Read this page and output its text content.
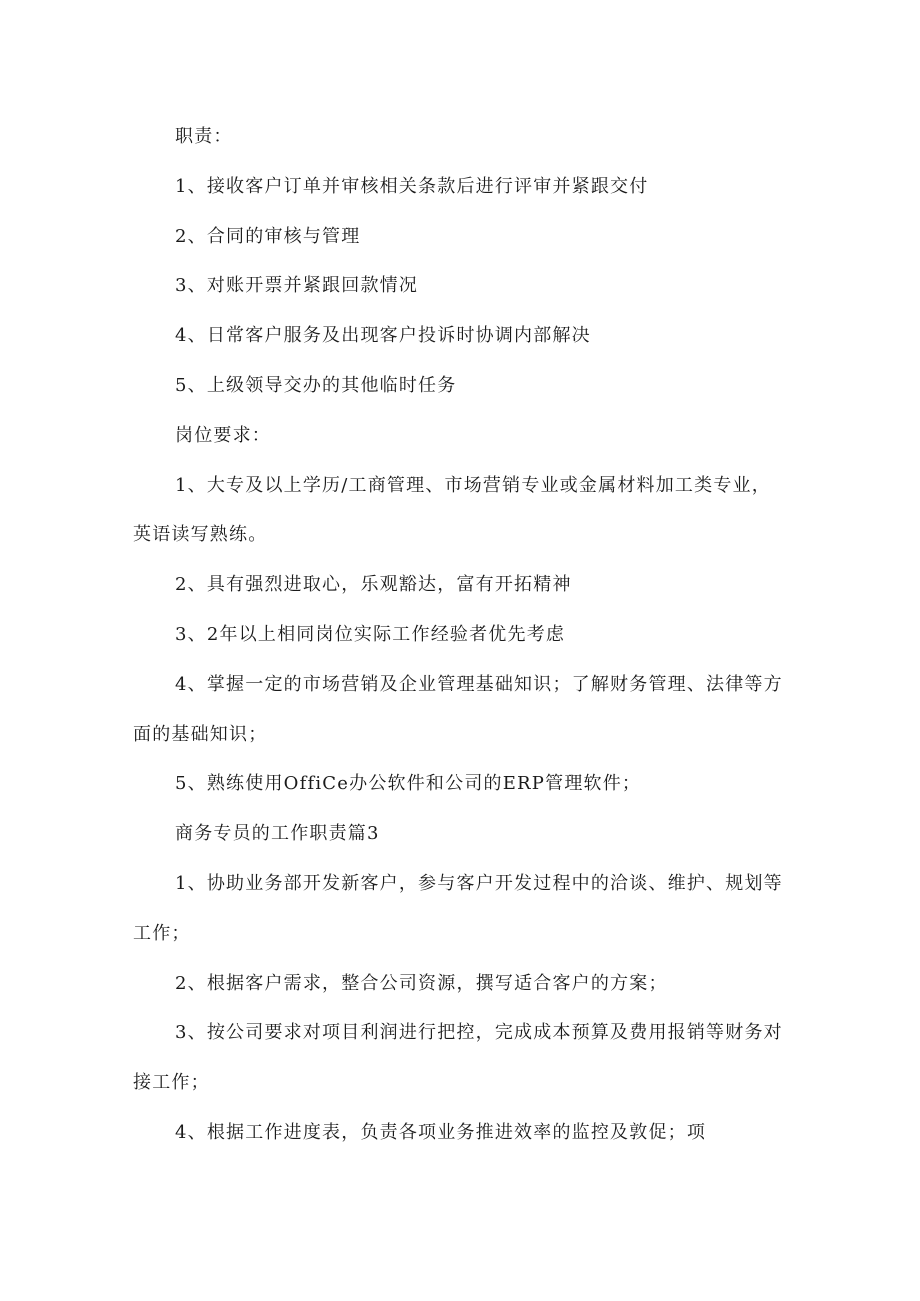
职责：

1、接收客户订单并审核相关条款后进行评审并紧跟交付

2、合同的审核与管理

3、对账开票并紧跟回款情况

4、日常客户服务及出现客户投诉时协调内部解决

5、上级领导交办的其他临时任务

岗位要求：

1、大专及以上学历/工商管理、市场营销专业或金属材料加工类专业，英语读写熟练。

2、具有强烈进取心，乐观豁达，富有开拓精神

3、2年以上相同岗位实际工作经验者优先考虑

4、掌握一定的市场营销及企业管理基础知识；了解财务管理、法律等方面的基础知识；

5、熟练使用OffiCe办公软件和公司的ERP管理软件；

商务专员的工作职责篇3

1、协助业务部开发新客户，参与客户开发过程中的洽谈、维护、规划等工作；

2、根据客户需求，整合公司资源，撰写适合客户的方案；

3、按公司要求对项目利润进行把控，完成成本预算及费用报销等财务对接工作；

4、根据工作进度表，负责各项业务推进效率的监控及敦促；项
